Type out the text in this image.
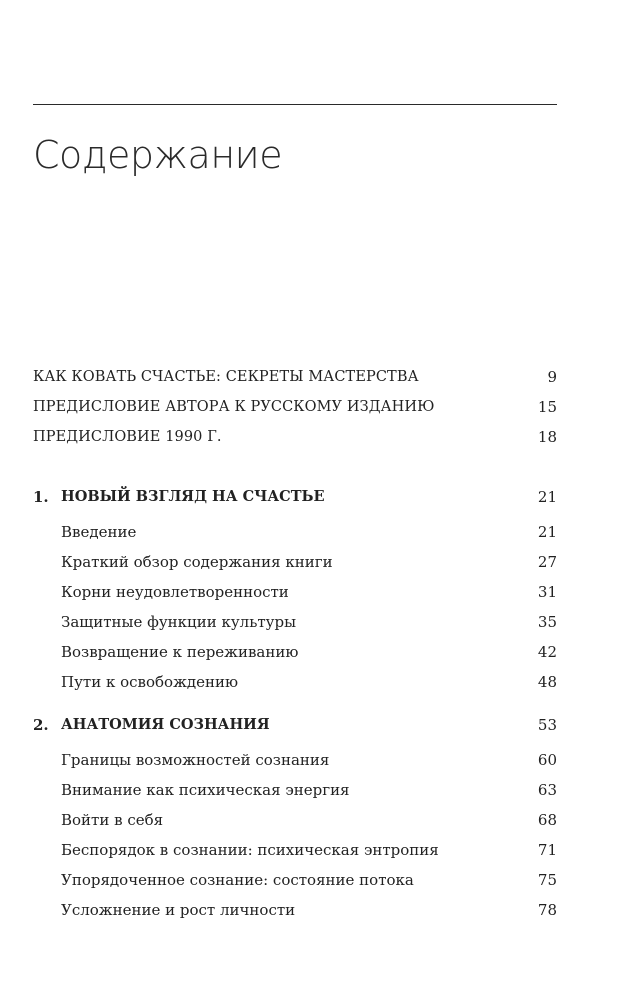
Содержание
КАК КОВАТЬ СЧАСТЬЕ: СЕКРЕТЫ МАСТЕРСТВА	9
ПРЕДИСЛОВИЕ АВТОРА К РУССКОМУ ИЗДАНИЮ	15
ПРЕДИСЛОВИЕ 1990 Г.	18
1. НОВЫЙ ВЗГЛЯД НА СЧАСТЬЕ	21
Введение	21
Краткий обзор содержания книги	27
Корни неудовлетворенности	31
Защитные функции культуры	35
Возвращение к переживанию	42
Пути к освобождению	48
2. АНАТОМИЯ СОЗНАНИЯ	53
Границы возможностей сознания	60
Внимание как психическая энергия	63
Войти в себя	68
Беспорядок в сознании: психическая энтропия	71
Упорядоченное сознание: состояние потока	75
Усложнение и рост личности	78
